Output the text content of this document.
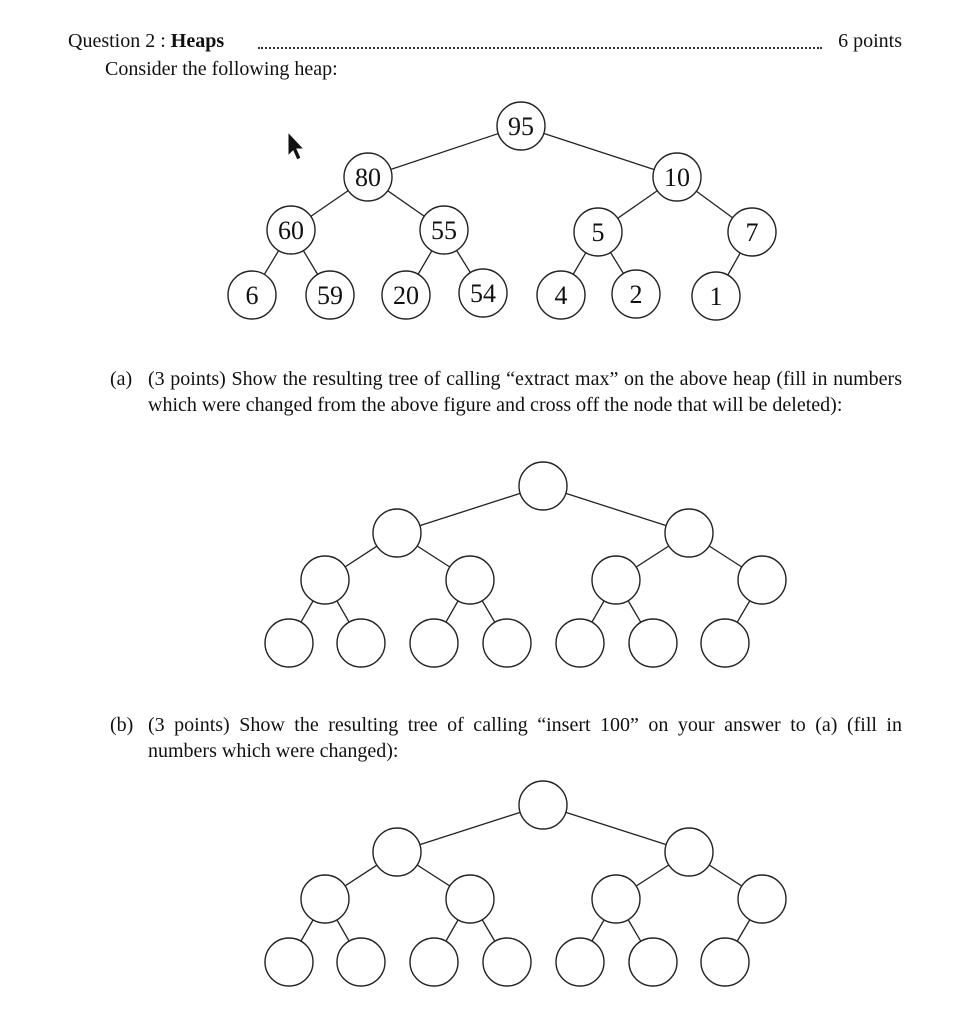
Question 2 : Heaps	6 points
Consider the following heap:
(a) (3 points) Show the resulting tree of calling “extract max” on the above heap (fill in numbers which were changed from the above figure and cross off the node that will be deleted):
(b) (3 points) Show the resulting tree of calling “insert 100” on your answer to (a) (fill in numbers which were changed):
95
80	10
60	55	5	7
6 59 20 54 4 2	1
